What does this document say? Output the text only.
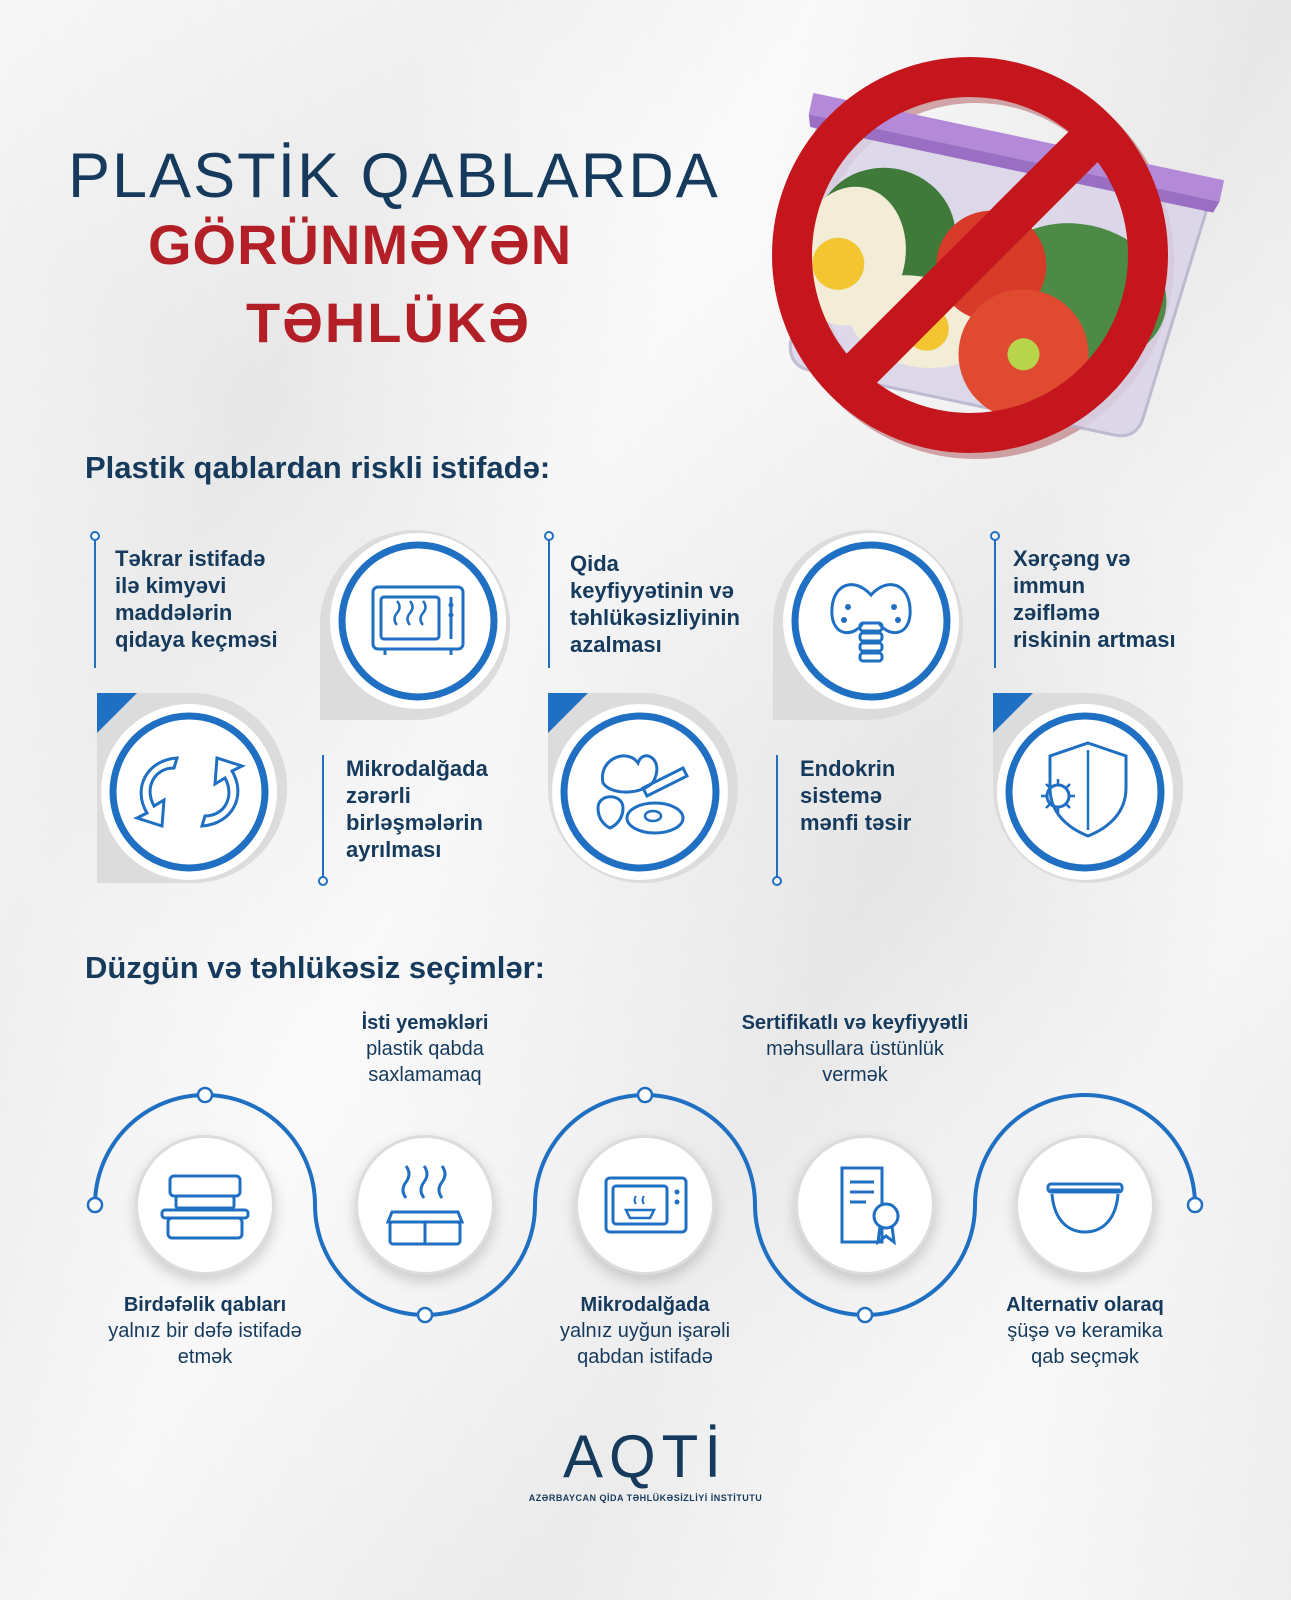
PLASTİK QABLARDA
GÖRÜNMƏYƏN
TƏHLÜKƏ
Plastik qablardan riskli istifadə:
Təkrar istifadə
ilə kimyəvi
maddələrin
qidaya keçməsi
Qida
keyfiyyətinin və
təhlükəsizliyinin
azalması
Xərçəng və
immun
zəifləmə
riskinin artması
Mikrodalğada
zərərli
birləşmələrin
ayrılması
Endokrin
sistemə
mənfi təsir
Düzgün və təhlükəsiz seçimlər:
Birdəfəlik qabları
yalnız bir dəfə istifadə
etmək
İsti yeməkləri
plastik qabda
saxlamamaq
Mikrodalğada
yalnız uyğun işarəli
qabdan istifadə
Sertifikatlı və keyfiyyətli
məhsullara üstünlük
vermək
Alternativ olaraq
şüşə və keramika
qab seçmək
AQTİ
AZƏRBAYCAN QİDA TƏHLÜKƏSİZLİYİ İNSTİTUTU
